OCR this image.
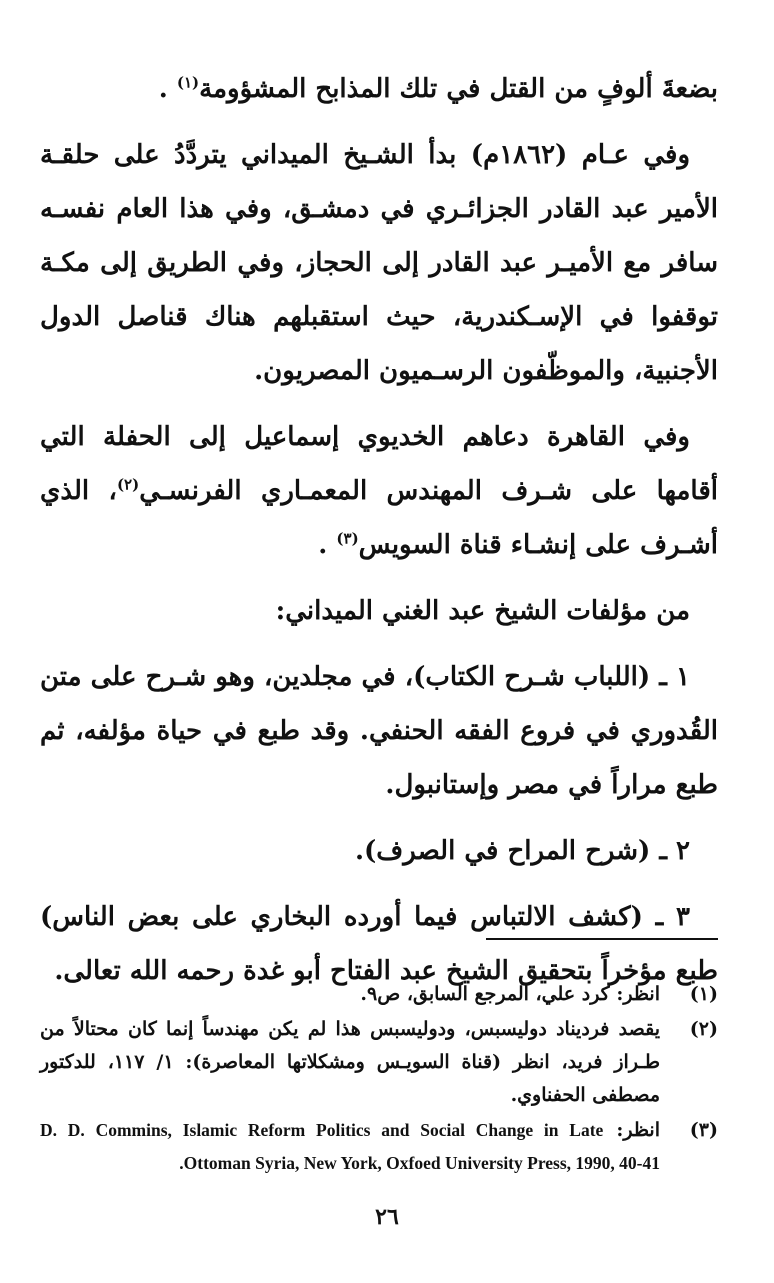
بضعةَ ألوفٍ من القتل في تلك المذابح المشؤومة$^{(١)}$ .

وفي عـام (١٨٦٢م) بدأ الشـيخ الميداني يتردَّدُ على حلقـة الأمير عبد القادر الجزائـري في دمشـق، وفي هذا العام نفسـه سافر مع الأميـر عبد القادر إلى الحجاز، وفي الطريق إلى مكـة توقفوا في الإسـكندرية، حيث استقبلهم هناك قناصل الدول الأجنبية، والموظّفون الرسـميون المصريون.

وفي القاهرة دعاهم الخديوي إسماعيل إلى الحفلة التي أقامها على شـرف المهندس المعمـاري الفرنسـي$^{(٢)}$، الذي أشـرف على إنشـاء قناة السويس$^{(٣)}$ .

من مؤلفات الشيخ عبد الغني الميداني:

١ ـ (اللباب شـرح الكتاب)، في مجلدين، وهو شـرح على متن القُدوري في فروع الفقه الحنفي. وقد طبع في حياة مؤلفه، ثم طبع مراراً في مصر وإستانبول.

٢ ـ (شرح المراح في الصرف).

٣ ـ (كشف الالتباس فيما أورده البخاري على بعض الناس) طبع مؤخراً بتحقيق الشيخ عبد الفتاح أبو غدة رحمه الله تعالى.

(١)
انظر: كرد علي، المرجع السابق، ص٩.
(٢)
يقصد فرديناد دوليسبس، ودوليسبس هذا لم يكن مهندساً إنما كان محتالاً من طـراز فريد، انظر (قناة السويـس ومشكلاتها المعاصرة): ١/ ١١٧، للدكتور مصطفى الحفناوي.
(٣)
انظر: D. D. Commins, Islamic Reform Politics and Social Change in Late Ottoman Syria, New York, Oxfoed University Press, 1990, 40-41.
٢٦
